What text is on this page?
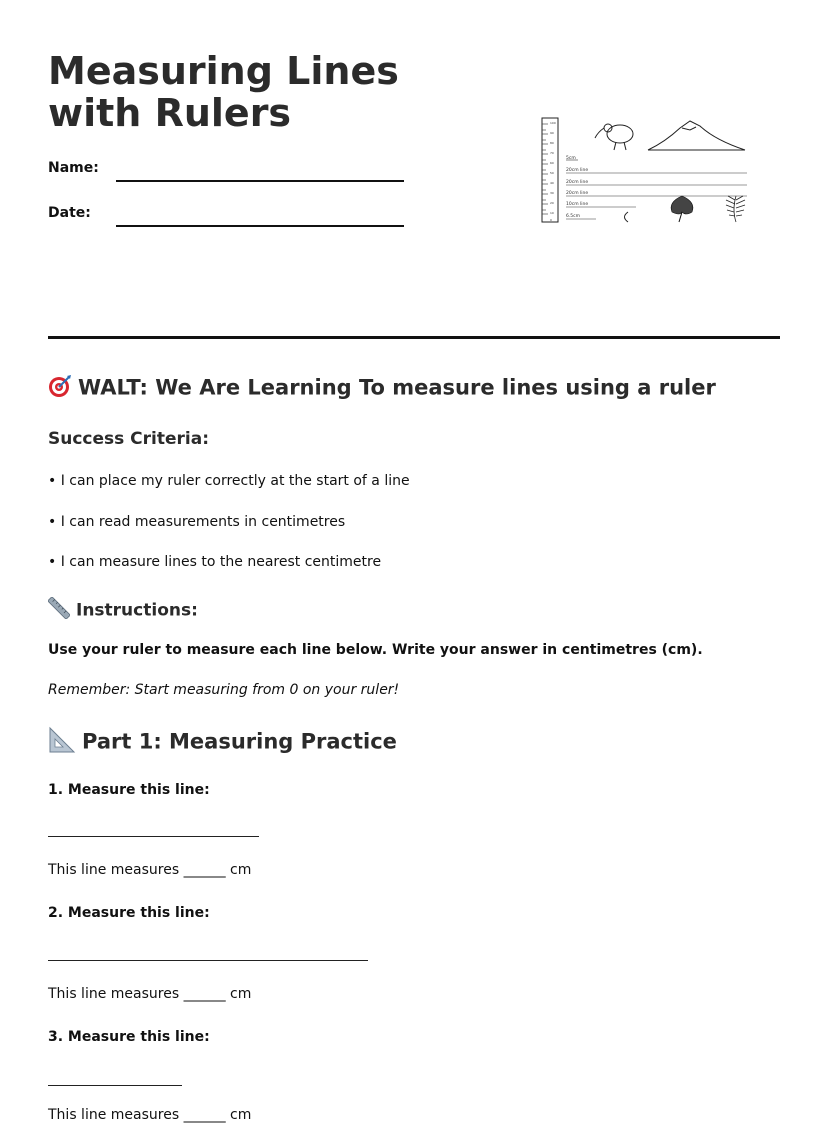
Measuring Lines with Rulers
Name:
Date:
100
90
80
70
60
50
40
30
20
10
0
5cm
20cm line
20cm line
20cm line
10cm line
6.5cm
WALT: We Are Learning To measure lines using a ruler
Success Criteria:
• I can place my ruler correctly at the start of a line
• I can read measurements in centimetres
• I can measure lines to the nearest centimetre
Instructions:
Use your ruler to measure each line below. Write your answer in centimetres (cm).
Remember: Start measuring from 0 on your ruler!
Part 1: Measuring Practice
1. Measure this line:
This line measures ______ cm
2. Measure this line:
This line measures ______ cm
3. Measure this line:
This line measures ______ cm
